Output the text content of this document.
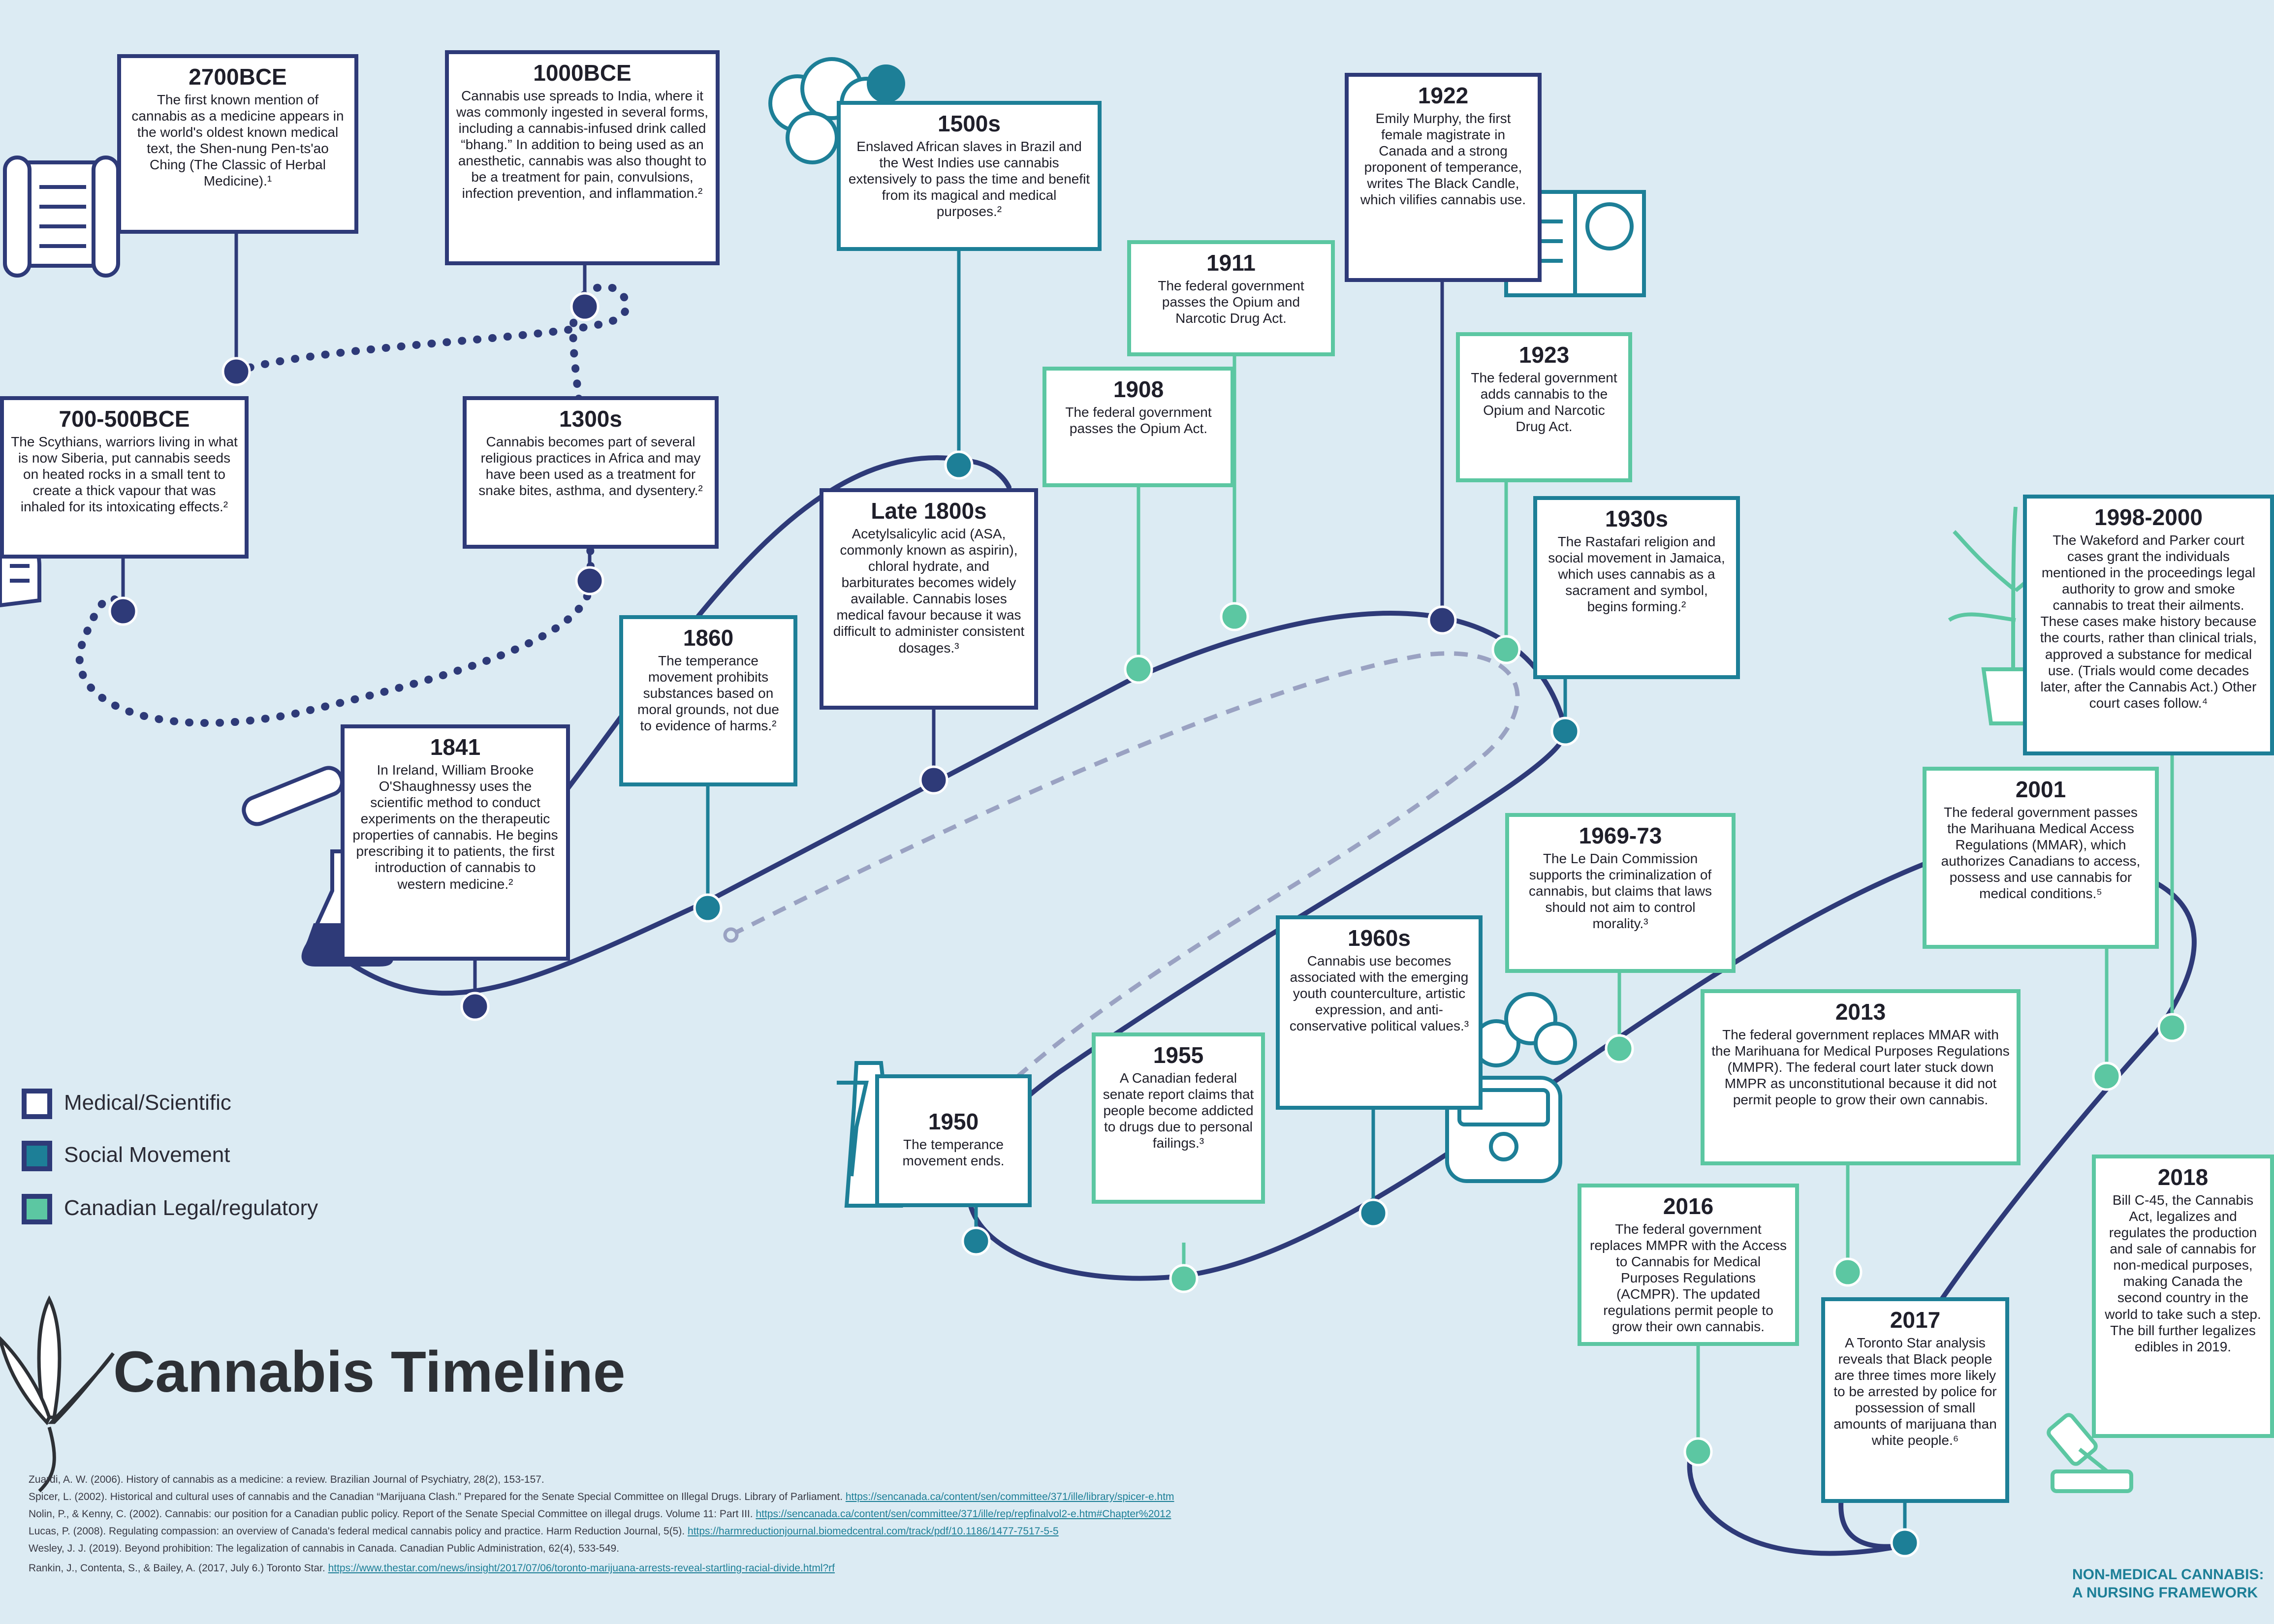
2700BCE
The first known mention of cannabis as a medicine appears in the world's oldest known medical text, the Shen-nung Pen-ts'ao Ching (The Classic of Herbal Medicine).¹
1000BCE
Cannabis use spreads to India, where it was commonly ingested in several forms, including a cannabis-infused drink called “bhang.” In addition to being used as an anesthetic, cannabis was also thought to be a treatment for pain, convulsions, infection prevention, and inflammation.²
700-500BCE
The Scythians, warriors living in what is now Siberia, put cannabis seeds on heated rocks in a small tent to create a thick vapour that was inhaled for its intoxicating effects.²
1300s
Cannabis becomes part of several religious practices in Africa and may have been used as a treatment for snake bites, asthma, and dysentery.²
1500s
Enslaved African slaves in Brazil and the West Indies use cannabis extensively to pass the time and benefit from its magical and medical purposes.²
1841
In Ireland, William Brooke O'Shaughnessy uses the scientific method to conduct experiments on the therapeutic properties of cannabis. He begins prescribing it to patients, the first introduction of cannabis to western medicine.²
1860
The temperance movement prohibits substances based on moral grounds, not due to evidence of harms.²
Late 1800s
Acetylsalicylic acid (ASA, commonly known as aspirin), chloral hydrate, and barbiturates becomes widely available. Cannabis loses medical favour because it was difficult to administer consistent dosages.³
1908
The federal government passes the Opium Act.
1911
The federal government passes the Opium and Narcotic Drug Act.
1922
Emily Murphy, the first female magistrate in Canada and a strong proponent of temperance, writes The Black Candle, which vilifies cannabis use.
1923
The federal government adds cannabis to the Opium and Narcotic Drug Act.
1930s
The Rastafari religion and social movement in Jamaica, which uses cannabis as a sacrament and symbol, begins forming.²
1998-2000
The Wakeford and Parker court cases grant the individuals mentioned in the proceedings legal authority to grow and smoke cannabis to treat their ailments. These cases make history because the courts, rather than clinical trials, approved a substance for medical use. (Trials would come decades later, after the Cannabis Act.) Other court cases follow.⁴
2001
The federal government passes the Marihuana Medical Access Regulations (MMAR), which authorizes Canadians to access, possess and use cannabis for medical conditions.⁵
1969-73
The Le Dain Commission supports the criminalization of cannabis, but claims that laws should not aim to control morality.³
1960s
Cannabis use becomes associated with the emerging youth counterculture, artistic expression, and anti-conservative political values.³
1950
The temperance movement ends.
1955
A Canadian federal senate report claims that people become addicted to drugs due to personal failings.³
2013
The federal government replaces MMAR with the Marihuana for Medical Purposes Regulations (MMPR). The federal court later stuck down MMPR as unconstitutional because it did not permit people to grow their own cannabis.
2016
The federal government replaces MMPR with the Access to Cannabis for Medical Purposes Regulations (ACMPR). The updated regulations permit people to grow their own cannabis.	2017
A Toronto Star analysis reveals that Black people are three times more likely to be arrested by police for possession of small amounts of marijuana than white people.⁶
2018
Bill C-45, the Cannabis Act, legalizes and regulates the production and sale of cannabis for non-medical purposes, making Canada the second country in the world to take such a step. The bill further legalizes edibles in 2019.
Medical/Scientific
Social Movement
Canadian Legal/regulatory
Cannabis Timeline
Zuardi, A. W. (2006). History of cannabis as a medicine: a review. Brazilian Journal of Psychiatry, 28(2), 153-157.
Spicer, L. (2002). Historical and cultural uses of cannabis and the Canadian “Marijuana Clash.” Prepared for the Senate Special Committee on Illegal Drugs. Library of Parliament. https://sencanada.ca/content/sen/committee/371/ille/library/spicer-e.htm
Nolin, P., & Kenny, C. (2002). Cannabis: our position for a Canadian public policy. Report of the Senate Special Committee on illegal drugs. Volume 11: Part III. https://sencanada.ca/content/sen/committee/371/ille/rep/repfinalvol2-e.htm#Chapter%2012
Lucas, P. (2008). Regulating compassion: an overview of Canada's federal medical cannabis policy and practice. Harm Reduction Journal, 5(5). https://harmreductionjournal.biomedcentral.com/track/pdf/10.1186/1477-7517-5-5
Wesley, J. J. (2019). Beyond prohibition: The legalization of cannabis in Canada. Canadian Public Administration, 62(4), 533-549.
Rankin, J., Contenta, S., & Bailey, A. (2017, July 6.) Toronto Star. https://www.thestar.com/news/insight/2017/07/06/toronto-marijuana-arrests-reveal-startling-racial-divide.html?rf	NON-MEDICAL CANNABIS:
A NURSING FRAMEWORK
